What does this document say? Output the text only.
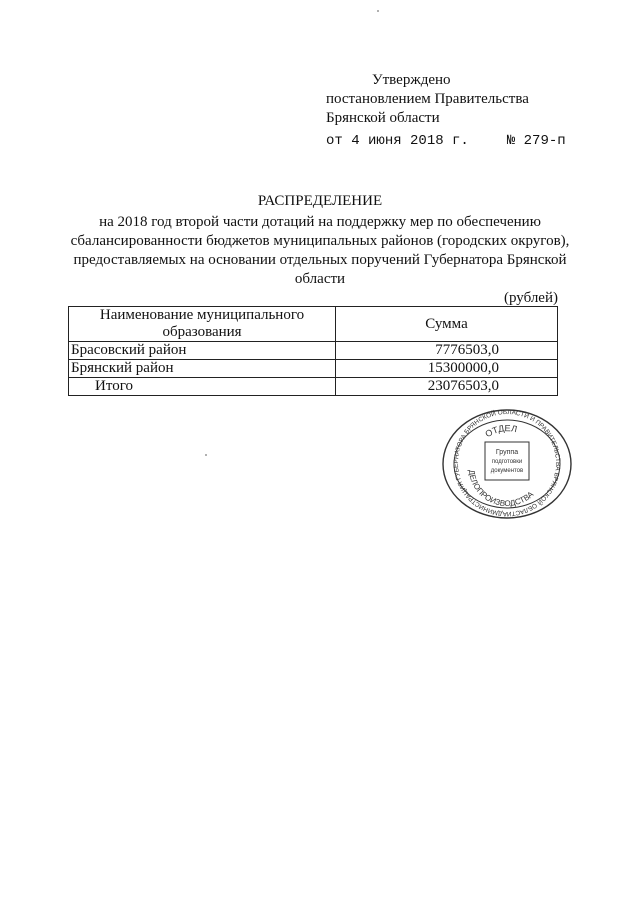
Утверждено
постановлением Правительства
Брянской области
от 4 июня 2018 г.	№ 279-п
РАСПРЕДЕЛЕНИЕ
на 2018 год второй части дотаций на поддержку мер по обеспечению сбалансированности бюджетов муниципальных районов (городских округов), предоставляемых на основании отдельных поручений Губернатора Брянской области
(рублей)
Наименование муниципального образования	Сумма
Брасовский район	7776503,0
Брянский район	15300000,0
Итого	23076503,0
АДМИНИСТРАЦИЯ ГУБЕРНАТОРА БРЯНСКОЙ ОБЛАСТИ И ПРАВИТЕЛЬСТВА БРЯНСКОЙ ОБЛАСТИ
ОТДЕЛ
ДЕЛОПРОИЗВОДСТВА
Группа
подготовки
документов
